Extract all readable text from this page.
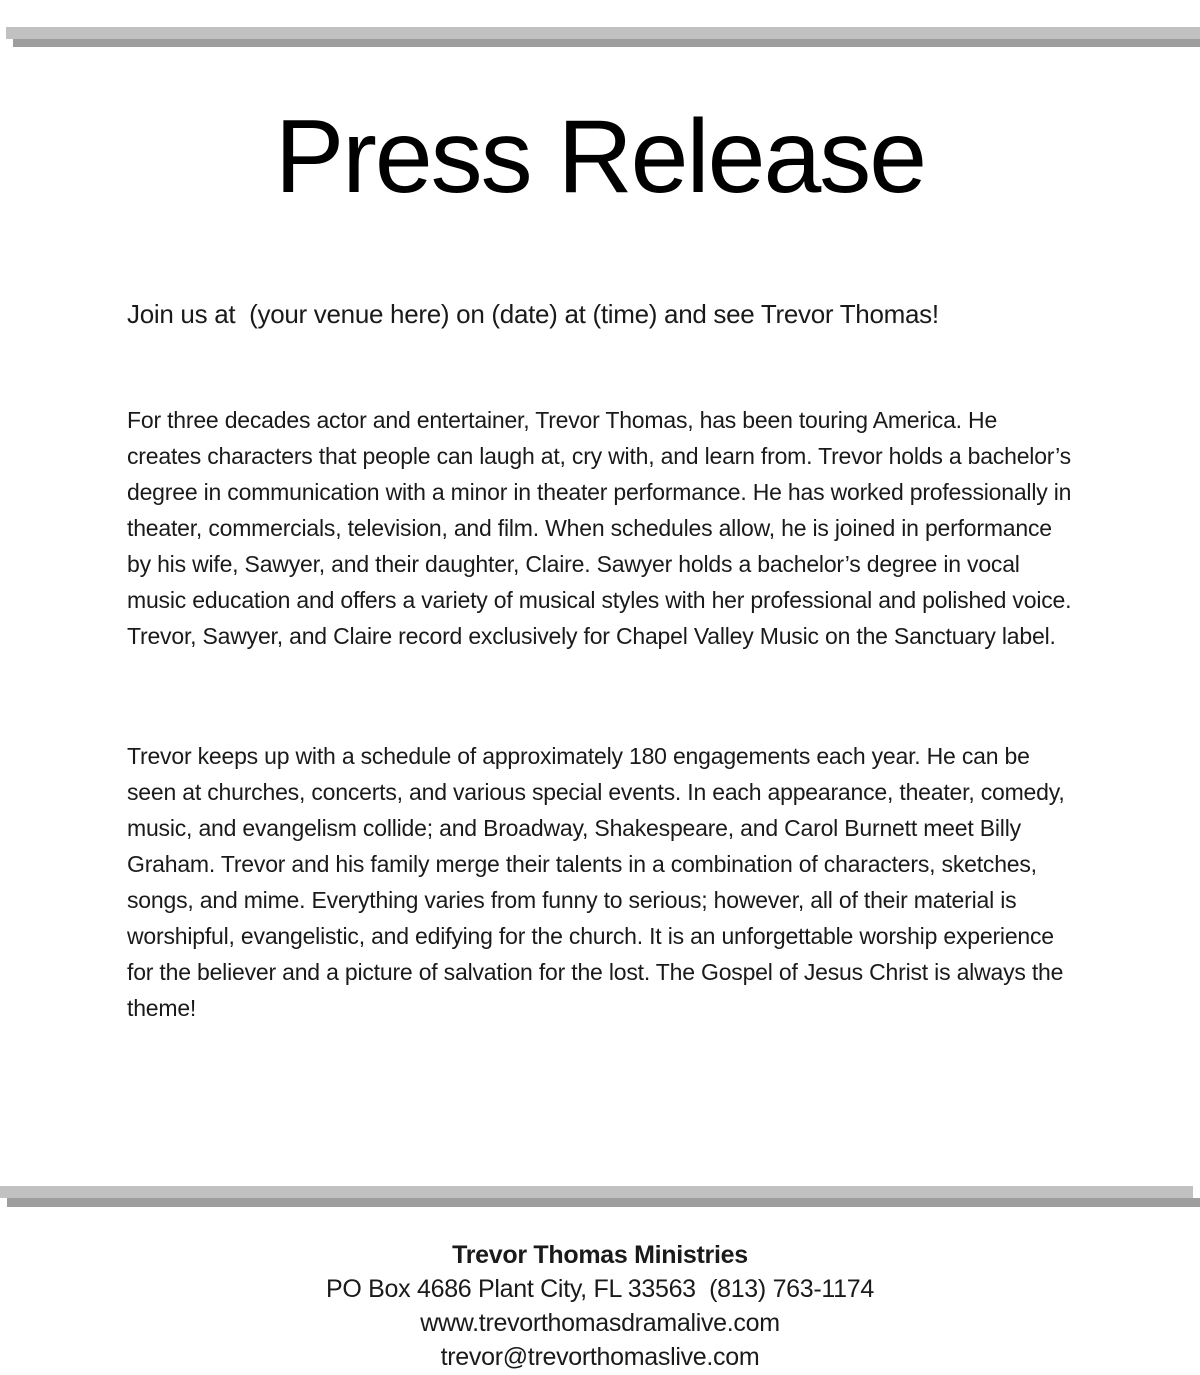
Press Release

Join us at  (your venue here) on (date) at (time) and see Trevor Thomas!

For three decades actor and entertainer, Trevor Thomas, has been touring America. He creates characters that people can laugh at, cry with, and learn from. Trevor holds a bachelor’s degree in communication with a minor in theater performance. He has worked professionally in theater, commercials, television, and film. When schedules allow, he is joined in performance by his wife, Sawyer, and their daughter, Claire. Sawyer holds a bachelor’s degree in vocal music education and offers a variety of musical styles with her professional and polished voice. Trevor, Sawyer, and Claire record exclusively for Chapel Valley Music on the Sanctuary label.

Trevor keeps up with a schedule of approximately 180 engagements each year. He can be seen at churches, concerts, and various special events. In each appearance, theater, comedy, music, and evangelism collide; and Broadway, Shakespeare, and Carol Burnett meet Billy Graham. Trevor and his family merge their talents in a combination of characters, sketches, songs, and mime. Everything varies from funny to serious; however, all of their material is worshipful, evangelistic, and edifying for the church. It is an unforgettable worship experience for the believer and a picture of salvation for the lost. The Gospel of Jesus Christ is always the theme!

Trevor Thomas Ministries
PO Box 4686 Plant City, FL 33563  (813) 763-1174
www.trevorthomasdramalive.com
trevor@trevorthomaslive.com
